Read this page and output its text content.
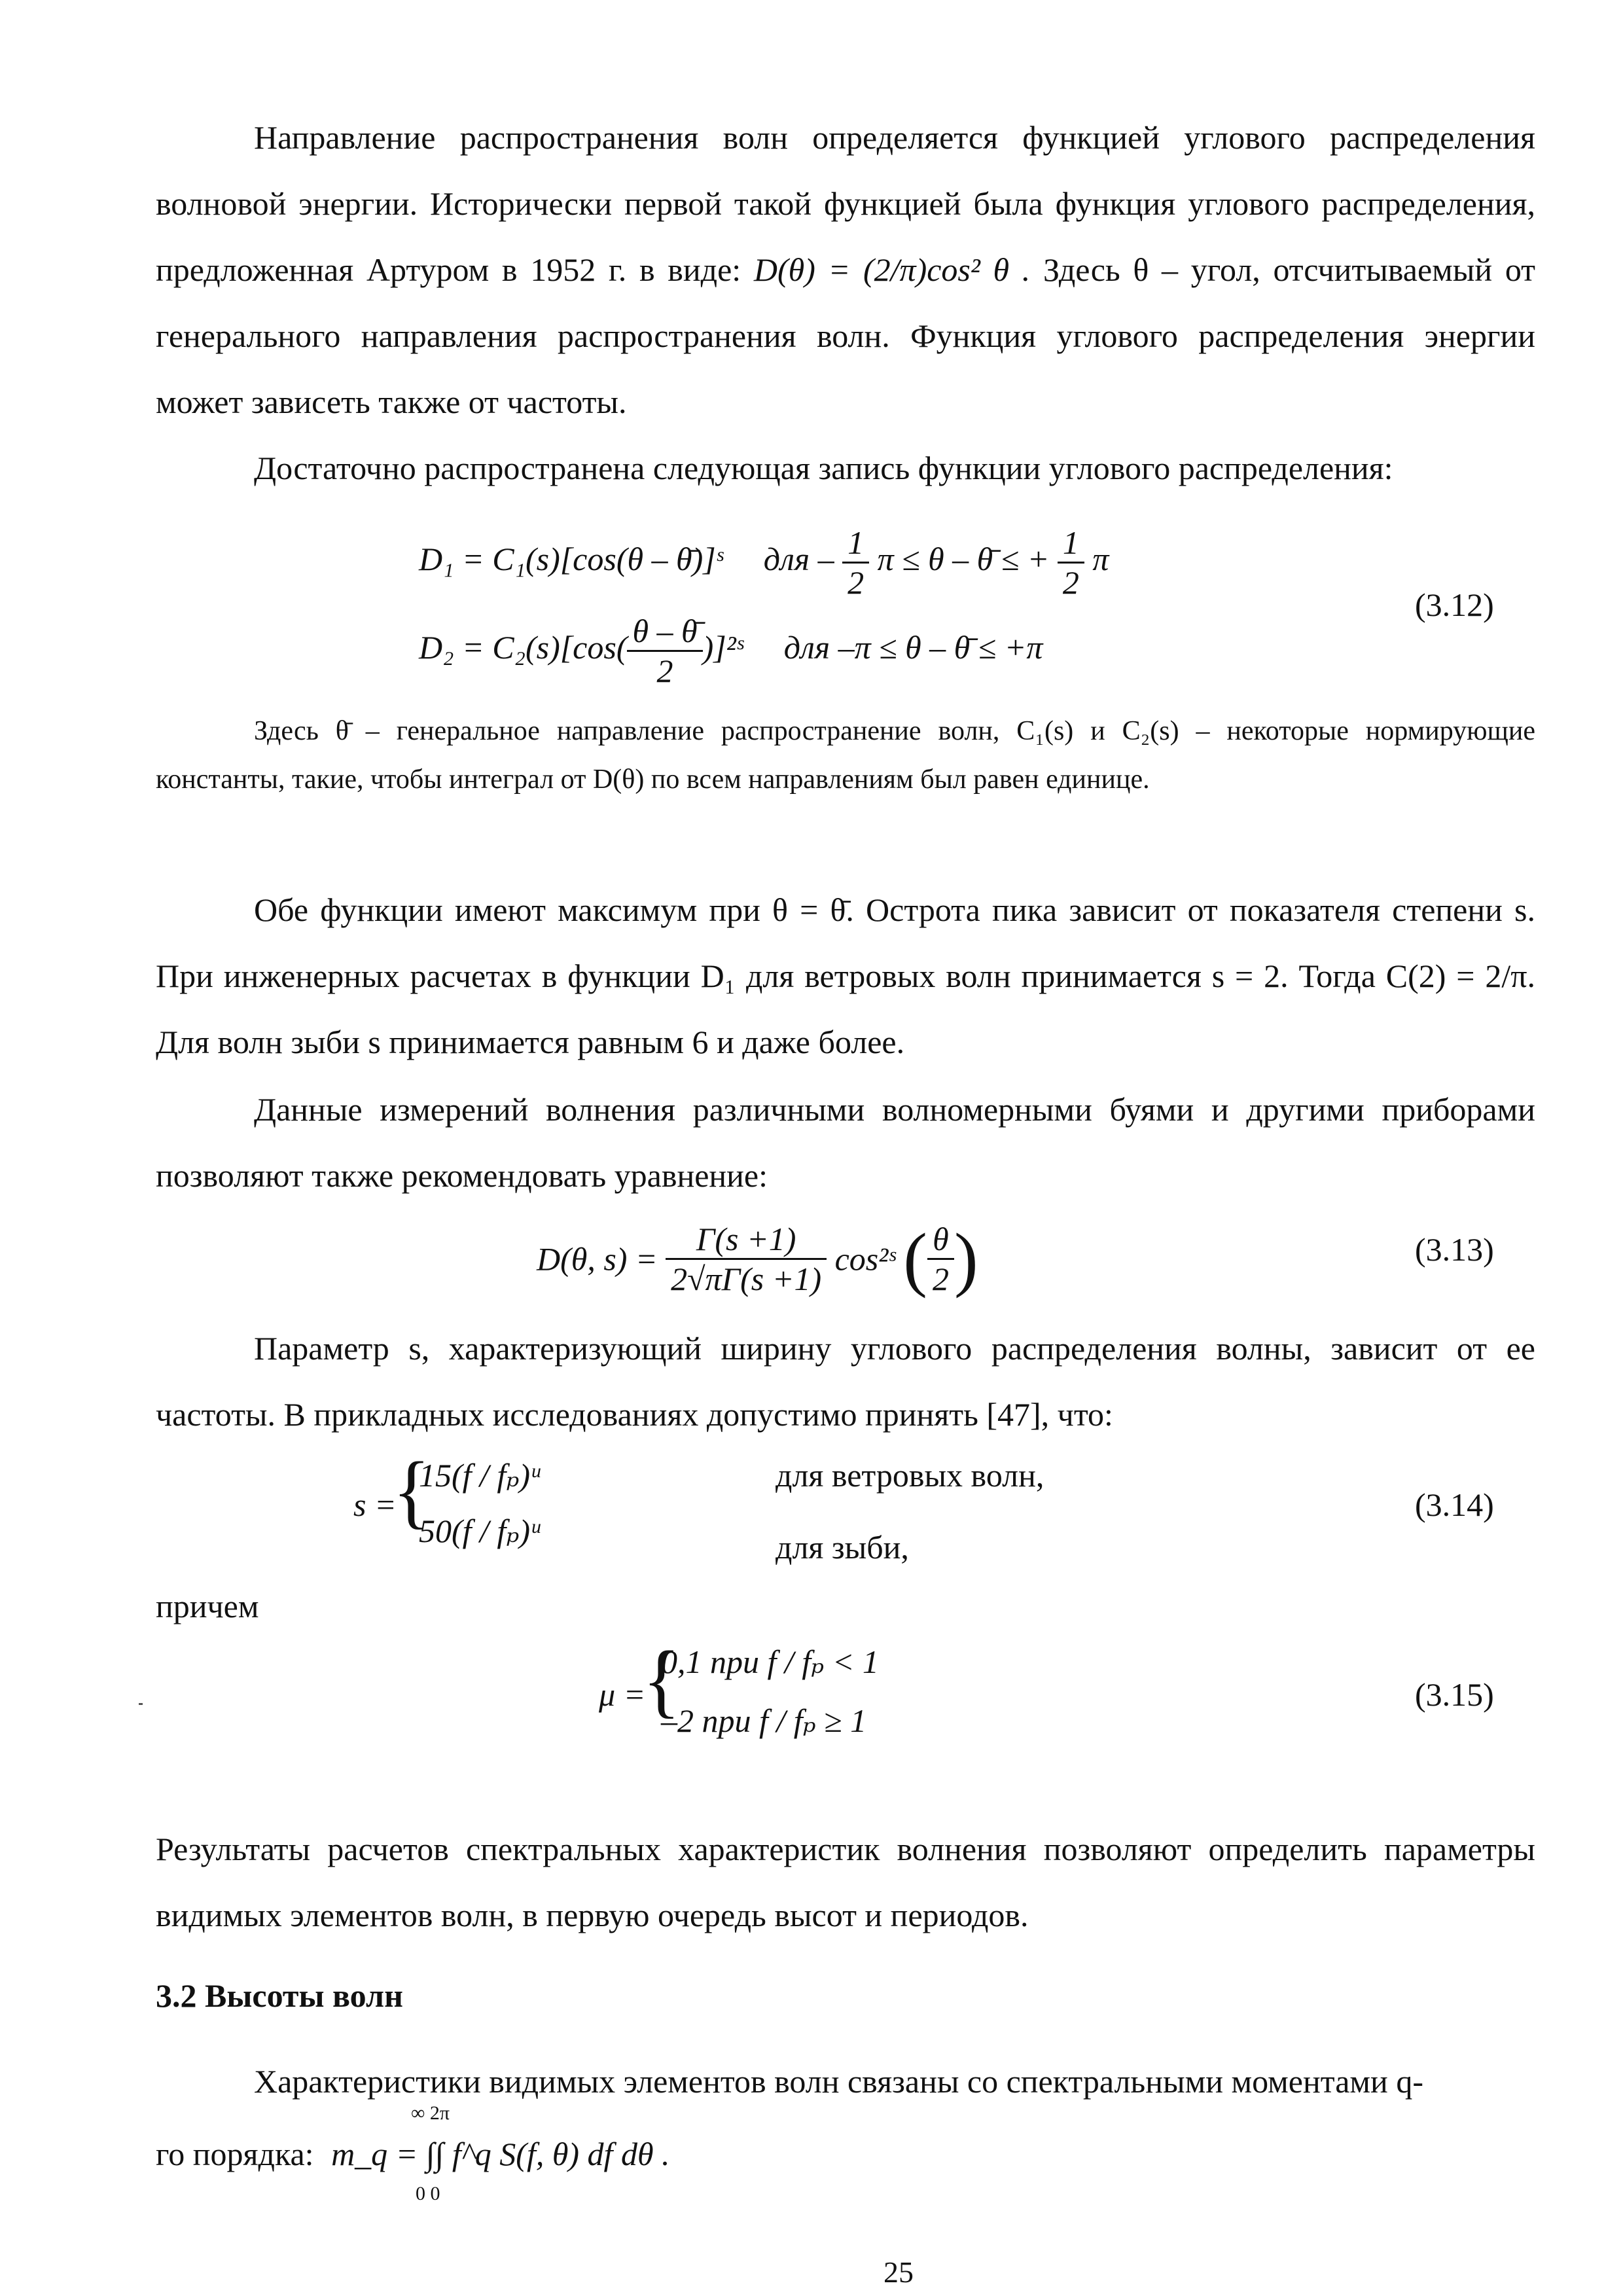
Направление распространения волн определяется функцией углового распределения волновой энергии. Исторически первой такой функцией была функция углового распределения, предложенная Артуром в 1952 г. в виде: D(θ) = (2/π)cos² θ . Здесь θ – угол, отсчитываемый от генерального направления распространения волн. Функция углового распределения энергии может зависеть также от частоты.

Достаточно распространена следующая запись функции углового распределения:

D₁ = C₁(s)[cos(θ – θ̄)]ˢ для – $\frac{1}{2}$ π ≤ θ – θ̄ ≤ + $\frac{1}{2}$ π
$D_2 = C_2(s)[\cos( \frac{\theta - \thetā}{2}$ )]²ˢ для –π ≤ θ – θ̄ ≤ +π
(3.12)

Здесь θ̄ – генеральное направление распространение волн, C₁(s) и C₂(s) – некоторые нормирующие константы, такие, чтобы интеграл от D(θ) по всем направлениям был равен единице.

Обе функции имеют максимум при θ = θ̄. Острота пика зависит от показателя степени s. При инженерных расчетах в функции D₁ для ветровых волн принимается s = 2. Тогда C(2) = 2/π. Для волн зыби s принимается равным 6 и даже более.

Данные измерений волнения различными волномерными буями и другими приборами позволяют также рекомендовать уравнение:

D(θ, $s) = \frac{\Gamma(s +1)}{2√\pi\Gamma(s +1)}$ cos²ˢ ( $\frac{\theta}{2}$ )	(3.13)

Параметр s, характеризующий ширину углового распределения волны, зависит от ее частоты. В прикладных исследованиях допустимо принять [47], что:

s =
{
15(f / fₚ)ᵘ
50(f / fₚ)ᵘ
для ветровых волн,
для зыби,
(3.14)
причем
μ =
{
0,1 при f / fₚ < 1
–2 при f / fₚ ≥ 1
(3.15)

Результаты расчетов спектральных характеристик волнения позволяют определить параметры видимых элементов волн, в первую очередь высот и периодов.

3.2 Высоты волн

Характеристики видимых элементов волн связаны со спектральными моментами q-

го порядка: m_q = ∫∫ f^q S(f, θ) df dθ .
∞ 2π
0 0
25
